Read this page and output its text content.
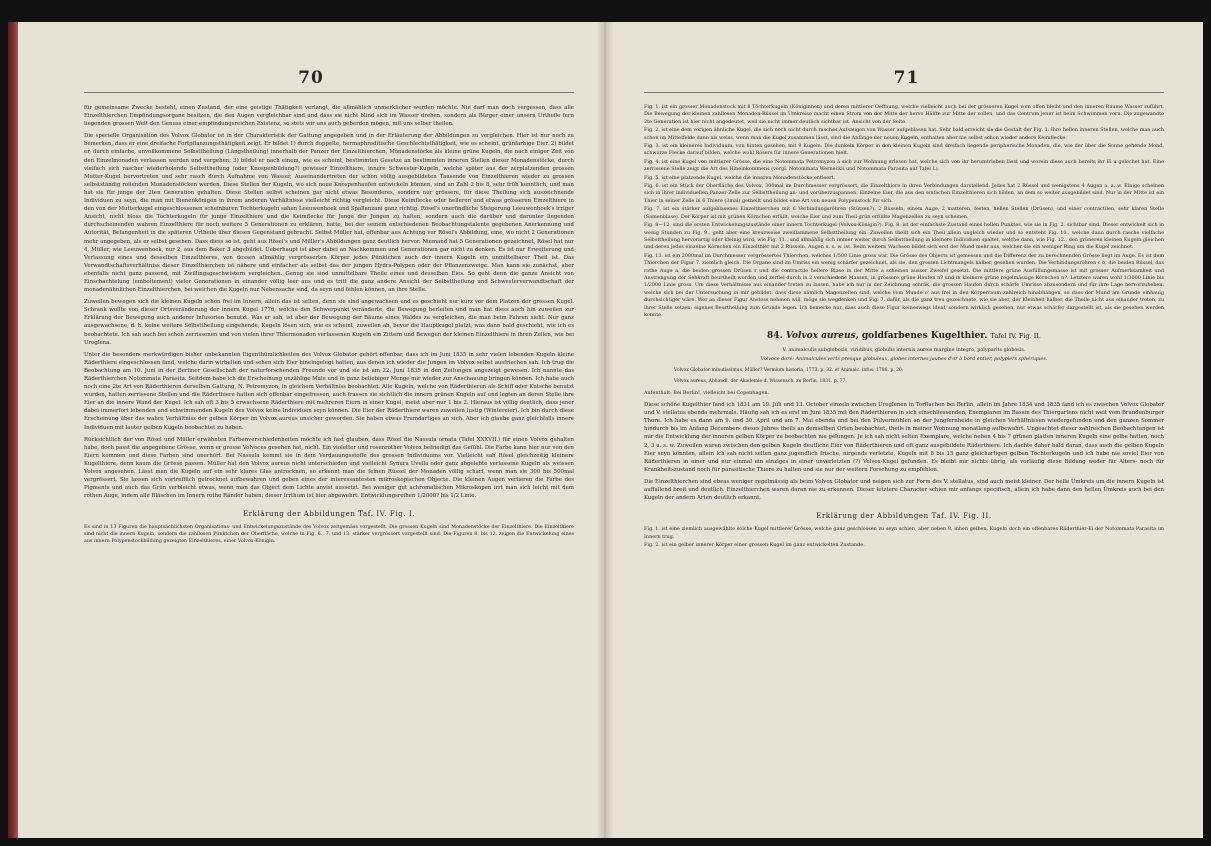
70

für gemeinsame Zwecke besteht, einen Zustand, der eine geistige Thätigkeit verlangt, die allmählich unmerklicher werden möchte. Nie darf man doch vergessen, dass alle Einzelthierchen Empfindungsorgane besitzen, die den Augen vergleichbar sind und dass sie nicht blind sich im Wasser drehen, sondern als Bürger einer unsern Urtheile fern liegenden grossen Welt den Genuss einer empfindungsreichen Existenz, so stets wir uns auch geberden mögen, mit uns selber theilen.

Die specielle Organisation des Volvox Globator ist in der Charakteristik der Gattung angegeben und in der Erläuterung der Abbildungen zu vergleichen. Hier ist nur noch zu bemerken, dass er eine dreifache Fortpflanzungsthätigkeit zeigt. Er bildet 1) durch doppelte, hermaphroditische Geschlechtsthätigkeit, wie es scheint, grünfarbige Eier. 2) bildet er, durch einfache, unvollkommene Selbsttheilung (Längstheilung) innerhalb der Panzer der Einzelthierchen, Monadenstöcke als kleine grüne Kugeln, die nach einiger Zeit von den Einzelmonaden verlassen werden und vergehen; 3) bildet er nach einem, wie es scheint, bestimmten Gesetze an bestimmten inneren Stellen dieser Monadenstöcke, durch vielfach sich rascher wiederholende Selbsttheilung (oder Knospenbildung?) gewisser Einzelthiere, innere Schwester-Kugeln, welche später aus der zerplatzenden grossen Mutter-Kugel hervortreten und sehr rasch durch Aufnahme von Wasser, Auseinandertreten der schon völlig ausgebildeten Tausende von Einzelthieren wieder zu grossen selbstständig rollenden Monadenstöcken werden. Diese Stellen der Kugeln, wo sich neue Knospenhaufen entwickeln können, sind an Zahl 2 bis 8, sehr früh kenntlich, und man hat sie für junge der 2ten Generation gehalten. Diese Stellen selbst scheinen gar nicht etwas Besonderes, sondern nur grössere, für diese Theilung sich auszeichnende Individuen zu seyn, die man mit Bienenkönigen in ihrem anderen Verhältnisse vielleicht richtig vergleicht. Diese Keimflecke oder helleren und etwas grösseren Einzelthiere in den von der Mutterkugel eingeschlossenen scheinbaren Tochterkugeln sahen Leeuwenhoek und Spallanzani ganz richtig. Rösel's unerfindliche Steigerung Leeuwenhoek's irriger Ansicht, nicht bloss die Tochterkugeln für junge Einzelthiere und die Keimflecke für Junge der Jungen zu halten, sondern auch die darüber und darunter liegenden durchscheinenden wahren Einzelthiere für noch weitere 5 Generationen zu erklären, hatte, bei der seinem entschiedenen Beobachtungstalente gegebenen Anerkennung und Autorität, Befangenheit in die späteren Urtheile über diesen Gegenstand gebracht. Selbst Müller hat, offenbar aus Achtung vor Rösel's Abbildung, eine, wo nicht 2 Generationen mehr angegeben, als er selbst gesehen. Dass diess so ist, geht aus Rösel's und Müller's Abbildungen ganz deutlich hervor. Niemand hat 5 Generationen gezeichnet, Rösel hat nur 4, Müller, wie Leeuwenhoek, nur 2, aus dem Baker 3 abgebildet. Ueberhaupt ist aber dabei an Nachkommen und Generationen gar nicht zu denken. Es ist nur Erweiterung und Verlassung eines und desselben Einzelthieres, von dessen allmählig vergrösserten Körper jedes Pünktchen auch der innern Kugeln ein unmittelbarer Theil ist. Das Verwandtschaftsverhältniss dieser Einzelthierchen ist nähere und einfacher als selbst das der jungen Hydra-Polypen oder der Pflanzenzweige. Man kann sie zunächst, aber ebenfalls nicht ganz passend, mit Zwillingsgeschwistern vergleichen. Genug sie sind unmittelbare Theile eines und desselben Eies. So geht denn die ganze Ansicht von Einschachtelung (emboîtement) vieler Generationen in einander völlig leer aus und es tritt die ganz andere Ansicht der Selbsttheilung und Schwesterverwandtschaft der monadenähnlichen Einzelthierchen, bei welchen die Kugeln nur Nebensache sind, da seyn und fehlen können, an ihre Stelle.

Zuweilen bewegen sich die kleinen Kugeln schon frei im Innern, allein das ist selten, denn sie sind angewachsen und es geschieht nur kurz vor dem Platzen der grossen Kugel. Schrank wollte von dieser Ortsveränderung der innern Kugel 1776, welche den Schwerpunkt veränderte, die Bewegung herleiten und man hat diess auch hin zuweilen zur Erklärung der Bewegung auch anderer Infusorien benutzt. Was er sah, ist aber der Bewegung der Bäume eines Waldes zu vergleichen, die man beim Fahren sieht. Nur ganz ausgewachsene, d. h. keine weitere Selbsttheilung eingehende, Kugeln lösen sich, wie es scheint, zuweilen ab, bevor die Hauptkugel platzt, was dann bald geschieht, wie ich es beobachtete. Ich sah auch bei schon zerrissenen und von vielen ihrer Thiermonaden verlassenen Kugeln ein Zittern und Bewegen der kleinen Einzelthiere in ihren Zellen, wie bei Uroglena.

Unter die besonders merkwürdigen bisher unbekannten Eigenthümlichkeiten des Volvox Globator gehört offenbar, dass ich im Juni 1835 in sehr vielen lebenden Kugeln kleine Räderthiere eingeschlossen fand, welche darin wirbelten und sehen sich Eier hineingelegt hatten, aus denen ich wieder die Jungen im Volvox selbst ausfriechen sah. Ich trug die Beobachtung am 10. Juni in der Berliner Gesellschaft der naturforschenden Freunde vor und sie ist am 22. Juni 1835 in den Zeitungen angezeigt gewesen. Ich nannte das Räderthierchen Notommata Parasita. Seitdem habe ich die Erscheinung unzählige Male und in ganz beliebiger Menge mir wieder zur Anschauung bringen können. Ich habe auch noch eine 2te Art von Räderthieren derselben Gattung, N. Petromyzon, in gleichem Verhältniss beobachtet. Alle Kugeln, welche von Räderthieren als Schiff oder Kutsche benutzt wurden, hatten zerrissene Stellen und die Räderthiere hatten sich offenbar eingefressen, auch frassen sie sichtlich die innern grünen Kugeln auf und legten an deren Stelle ihre Eier an die innere Wand der Kugel. Ich sah oft 3 bis 5 erwachsene Räderthiere mit mehreren Eiern in einer Kugel, meist aber nur 1 bis 2. Hieraus ist völlig deutlich, dass jener dabei immerfort lebenden und schwimmenden Kugeln des Volvox keine Individuen seyn können. Die Eier der Räderthiere waren zuweilen lustig (Wintereier). Ich bin durch diese Erscheinung über das wahre Verhältniss der gelben Körper im Volvox aureus unsicher geworden. Sie haben etwas Fremdartiges an sich. Aber ich glaube ganz gleichfalls innere Individuen mit lauter gelben Kugeln beobachtet zu haben.

Rücksichtlich der von Rösel und Müller erwähnten Farbenverschiedenheiten möchte ich fast glauben, dass Rösel die Nassula ornata (Tafel XXXVII.) für einen Volvox gehalten habe, doch passt die angegebene Grösse, wenn er grosse Volvoces gesehen hat, nicht. Ein violetter und rosenrother Volvox befriedigt das Gefühl. Die Farbe kann hier nur von den Eiern kommen und diese Farben sind unerhört. Bei Nassula kommt sie in dem Verdauungsstoffe des grossen Individuums vor. Vielleicht sah Rösel gleichzeitig kleinere Kugelthiere, denn kaum die Grösse passen. Müller hat den Volvox aureus nicht unterschieden und vielleicht Synura Uvella oder ganz abgelebte verlassene Kugeln als weissen Volvox angesehen. Lässt man die Kugeln auf ein sehr klares Glas antrocknen, so erkennt man die feinen Rüssel der Monaden völlig scharf, wenn man sie 300 bis 500mal vergrössert. Sie lassen sich vortrefflich getrocknet aufbewahren und geben eines der interessantesten mikroskopischen Objecte. Die kleinen Augen verlieren die Farbe des Pigments und auch das Grün verbleicht etwas, wenn man das Object dem Lichte anvist aussetzt. Bei weniger gut achromatischen Mikroskopen irrt man sich leicht mit dem rothen Auge, indem alle Bläschen im Innern rothe Ränder haben; dieser Irrthum ist hier abgewehrt. Entwicklungsreihen 1/2000? bis 1/2 Linie.

Erklärung der Abbildungen Taf. IV. Fig. I.

Es sind in 13 Figuren die hauptsächlichsten Organisations- und Entwickelungszustände des Volvox zeitgemäss vorgestellt. Die grossen Kugeln sind Monadenstöcke der Einzelthiere. Die Einzelthiere sind nicht die innern Kugeln, sondern die zahllosen Pünktchen der Oberfläche, welche in Fig. 6., 7. und 13. stärker vergrössert vorgestellt sind. Die Figuren 8. bis 12. zeigen die Entwickelung eines aus innern Polypenstockbildung gezeigten Einzelthieres, einer Volvox-Königin.

71

Fig. 1. ist ein grosser Monadenstock mit 8 Töchterkugeln (Königinnen) und deren mittlerer Oeffnung, welche vielleicht auch bei der grösseren Kugel vom offen bleibt und den inneren Raume Wasser zuführt. Die Bewegung der kleinen zahllosen Monaden-Rüssel im Umkreise macht einen Strom von der Mitte der hervo Hälfte zur Mitte der vollen, und das Centrum jener ist beim Schwimmen vorn. Die zugewandte 2te Generation ist hier nicht angedeutet, weil sie nicht immer deutlich sichtbar ist. Ansicht von der Seite.

Fig. 2. ist eine dem vorigen ähnliche Kugel, die sich noch nicht durch rasches Aufsaugen von Wasser aufgeblasen hat. Sehr bald erreicht sie die Gestalt der Fig. 1. Ihre hellen inneren Stellen, welche man auch schon im Mittelfelde dann als weiss, wenn man die Kugel zusammen lässt, sind die Anfänge der neuen Kugeln, enthalten aber nie selbst schon wieder andere Keimflecke.

Fig. 3. ist ein kleineres Individuum, von hinten gesehen, mit 9 Kugeln. Die dunkeln Körper in den kleinen Kugeln sind dreifach liegende peripherische Monaden, die, wie der über die Sonne gehende Mond, schwarze Flecke darauf bilden, welche wohl Rösers für innere Generationen hielt.

Fig. 4. ist eine Kugel von mittlerer Grösse, die eine Notommata Petromyzon à sich zur Wohnung erlesen hat, welche sich von ihr herumtrieben lässt und worein diese auch bereits ihr Ei u gelechet hat. Eine zerrissene Stelle zeigt die Art des Hineinkommens (vergl. Notommata Werneckii und Notommata Parasita auf Tafel L).

Fig. 5. ist eine platzende Kugel, welche die inneren Monadenstöcke entleert.

Fig. 6. ist ein Stück der Oberfläche des Volvox, 300mal im Durchmesser vergrössert, die Einzelthiere in ihren Verbindungen darstellend. Jedes hat 2 Rüssel und wenigstens 4 Augen a. a. w. Einige scheinen sich in ihrer individuellen Panzer-Zelle zur Selbsttheilung an- und vorüberzuspannen. Einzelne Eier, die aus den einfachen Einzelthieren sich bilden, an dem so weiter ausgebildet sind. Nur in der Mitte ist ein Thier in seiner Zelle in 6 Thiere (3mal) getheilt und bildet eine Art von neuen Polypenstock für sich.

Fig. 7. ist ein stärker aufgeblasenes Einzelthierchen mit 6 Verbindungsröhren (Stützen?), 2 Rüsseln, einem Auge, 2 matteren, festen, hellen Stellen (Drüsen), und einer contractilen, sehr klaren Stelle (Samenblase). Der Körper ist mit grünen Körnchen erfüllt, welche Eier und zum Theil grün erfüllte Magenzellen zu seyn scheinen.

Fig. 8—12. sind die ersten Entwickelungszustände einer innern Tochterkugel (Volvox-Königin?). Fig. 8. ist der einfachste Zustand eines hellen Punktes, wie sie in Fig. 2. sichtbar sind. Dieser entwickelt sich in wenig Stunden zu Fig. 9., geht aber eine kreuzweise zweiflammene Selbsttheilung ein. Zuweilen theilt sich ein Theil allein ungleich wieder und so entsteht Fig. 10., welche dann durch rasche vielfache Selbsttheilung hervorartig oder kleinig wird, wie Fig. 11., und allmählig sich immer weiter durch Selbsttheilung in kleinere Individuen spaltet, welche dann, wie Fig. 12., den grüneren kleinen Kugeln gleichen und deren jedes einzelne Körnchen ein Einzelthier mit 2 Rüsseln, Augen u. s. w. ist. Beim weitern Wachsen bildet sich erst der Mund mehr aus, welcher die ein weniger Ring um die Kugel zeichnet.

Fig. 13. ist ein 2000mal im Durchmesser vergrössertes Thierchen, welches 1/500 Linie gross war. Die Grösse des Objects ist gemessen und die Differenz der zu berechnenden Grösse liegt im Auge. Es ist dem Thierchen der Figur 7. ziemlich gleich. Die Organe sind im Umriss ein wenig schärfer gezeichnet, als sie, den grossen Lichtmangels halber, gesehen wurden. Die Verbindungsröhren c b, die beiden Rüssel, das rothe Auge a, die beiden grossen Drüsen r und die contractile hellere Blase in der Mitte a scheinen ausser Zweifel gesetzt. Die mittlere grüne Ausfüllungsmasse ist mit grosser Aufmerksamkeit und Anstrengung der Sehkraft beurtheilt worden und zerfiel durch in 2 verschiedene Massen, in grössere grüne Haufen n? und in kleinere grüne regelmässige Körnchen n?. Letztere waren wohl 1/3000 Linie bis 1/2000 Linie gross. Um diese Verhältnisse aus einander treten zu lassen, habe ich nur in der Zeichnung schräk, die grossen Haufen durch schärfe Umrisse abzusondern und für ihre Lage hervorzuheben, welche sich bei der Untersuchung in mir gebildet, dass diese nämlich Magenzellen sind, welche vom Munde o' aus frei in den Körperraum zahlreich hinabhängen, so dass der Mund am Grunde einhauig durchsichtiger wäre. Wer an dieser Figur Anstoss nehmen will, möge sie wegdenken und Fig. 7. dafür, als die ganz treu gezeichnete, wie sie aber, der Kleinheit halber, die Theile nicht aus einander treten, zu ihrer Stelle setzen: eigenes Beurtheilung zum Grunde legen. Ich bemerke nur, dass auch diese Figur keineswegs ideal, sondern wirklich gesehen, nur etwas schärfer dargestellt ist, als sie gesehen werden konnte.

84. Volvox aureus, goldfarbenes Kugelthier. Tafel IV. Fig. II.

V. animalculis subglobosis, viridibus, globulis internis aureis margine integro, polyparits globosis.

Volvoce doré: Animalcules verts presque globuleux, globes internes jaunes d'or à bord entier, polypiers sphériques.

Volvox Globator minutissimus, Müller? Vermium historia, 1773. p. 32. et Animalc. infus. 1786. p. 20.

Volvox aureus, Abhandl. der Akademie d. Wissensch. zu Berlin, 1831. p. 77.

Aufenthalt: Bei Berlin!, vielleicht bei Copenhagen.

Diese schöne Kugelthier fand ich 1831 am 19. Juli und 13. October einzeln zwischen Ureglenen in Torflachen bei Berlin, allein im Jahre 1834 und 1835 fand ich es zwischen Volvox Globator und V. stellatus ebenda mehrmals. Häufig sah ich es erst im Juni 1835 mit den Räderthieren in sich einschliessenden, Exemplaren im Bassin des Thiergartens nicht weit vom Brandenburger Thore. Ich habe es dann am 9. und 30. April und am 7. Mai ebenda und bei den Pulvermühlen an der Jungfernheide in gleichen Verhältnissen wiedergefunden und den ganzen Sommer hindurch bis im Anfang Decembers dieses Jahres theils an demselben Orten beobachtet, theils in meiner Wohnung monatlang aufbewahrt. Ungeachtet dieser zahlreichen Beobachtungen ist mir die Entwicklung der inneren gelben Körper zu beobachten nie gelungen. Je ich sah nicht selten Exemplare, welche neben 4 bis 7 grünen platten inneren Kugeln eine gelbe hatten, noch 2, 3 u. s. w. Zuweilen waren zwischen den gelben Kugeln deutliche Eier von Räderthieren und oft ganz ausgebildete Räderthiere. Ich dachte daher bald daran, dass auch die gelben Kugeln Eier seyn könnten, allein ich sah nicht selten ganz jugendlich frische, nirgends verletzte, Kugeln mit 8 bis 15 ganz gleichartigen gelben Töchterkugeln und ich habe nie soviel Eier von Räderthieren in einer und nur einmal ein einziges in einer unverletzten (?) Volvox-Kugel gefunden. Es bleibt mir nichts übrig, als vorläufig diese Bildung weder für Alters- noch für Krankheitszustand noch für parasitische Thiere zu halten und sie nur der weitern Forschung zu empfehlen.

Die Einzelthierchen sind etwas weniger regelmässig als beim Volvox Globator und neigen sich zur Form des V. stellatus, sind auch meist kleiner. Der helle Umkreis um die innern Kugeln ist auffallend breit und deutlich. Einzelthierchen waren daran nie zu erkennen. Dieser letztere Character schien mir anfangs specifisch, allein ich habe dann den hellen Umkreis auch bei den Kugeln der andern Arten deutlich erkannt.

Erklärung der Abbildungen Taf. IV. Fig. II.

Fig. 1. ist eine ziemlich ausgewählte solche Kugel mittlerer Grösse, welche ganz geschlossen zu seyn schien, aber neben 8, innen gelben, Kugeln doch ein offenbares Räderthier-Ei der Notommata Parasita im Innern trug.

Fig. 2. ist ein gelber innerer Körper einer grossen Kugel im ganz entwickelten Zustande.
